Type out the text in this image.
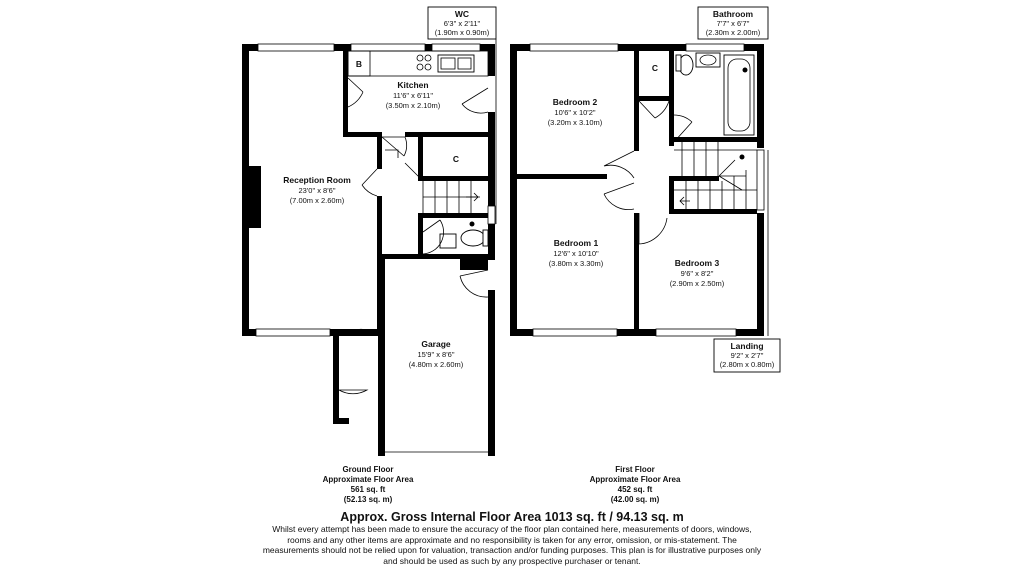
Kitchen
11'6" x 6'11"
(3.50m x 2.10m)
B
C
Reception Room
23'0" x 8'6"
(7.00m x 2.60m)
Garage
15'9" x 8'6"
(4.80m x 2.60m)
WC
6'3" x 2'11"
(1.90m x 0.90m)
Bedroom 2
10'6" x 10'2"
(3.20m x 3.10m)
C
Bedroom 1
12'6" x 10'10"
(3.80m x 3.30m)	Bedroom 3
9'6" x 8'2"
(2.90m x 2.50m)
Bathroom
7'7" x 6'7"
(2.30m x 2.00m)
Landing
9'2" x 2'7"
(2.80m x 0.80m)
Ground Floor
Approximate Floor Area
561 sq. ft
(52.13 sq. m)
First Floor
Approximate Floor Area
452 sq. ft
(42.00 sq. m)
Approx. Gross Internal Floor Area 1013 sq. ft / 94.13 sq. m
Whilst every attempt has been made to ensure the accuracy of the floor plan contained here, measurements of doors, windows, rooms and any other items are approximate and no responsibility is taken for any error, omission, or mis-statement. The measurements should not be relied upon for valuation, transaction and/or funding purposes. This plan is for illustrative purposes only and should be used as such by any prospective purchaser or tenant.
